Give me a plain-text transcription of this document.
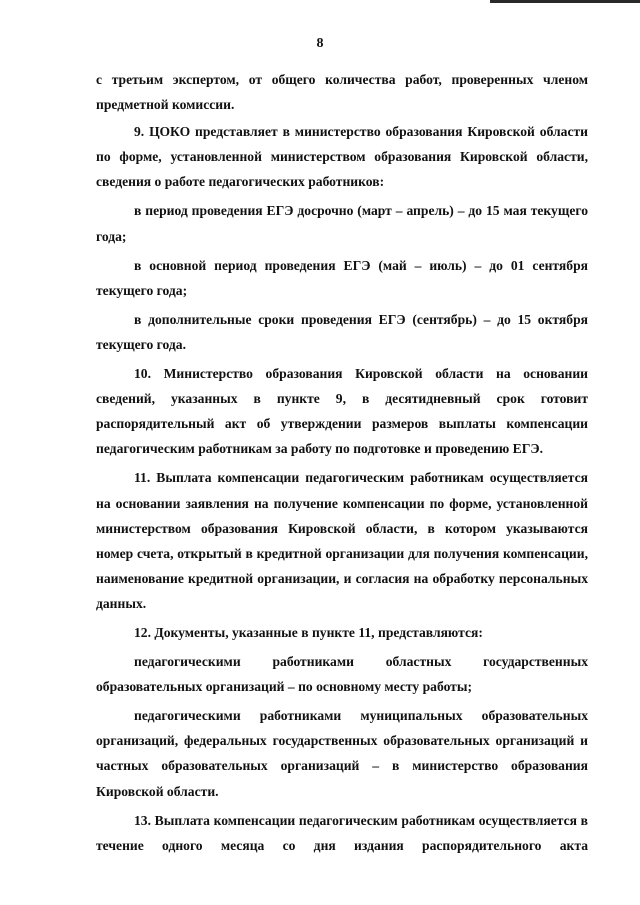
8

с третьим экспертом, от общего количества работ, проверенных членом предметной комиссии.

9. ЦОКО представляет в министерство образования Кировской области по форме, установленной министерством образования Кировской области, сведения о работе педагогических работников:

в период проведения ЕГЭ досрочно (март – апрель) – до 15 мая текущего года;

в основной период проведения ЕГЭ (май – июль) – до 01 сентября текущего года;

в дополнительные сроки проведения ЕГЭ (сентябрь) – до 15 октября текущего года.

10. Министерство образования Кировской области на основании сведений, указанных в пункте 9, в десятидневный срок готовит распорядительный акт об утверждении размеров выплаты компенсации педагогическим работникам за работу по подготовке и проведению ЕГЭ.

11. Выплата компенсации педагогическим работникам осуществляется на основании заявления на получение компенсации по форме, установленной министерством образования Кировской области, в котором указываются номер счета, открытый в кредитной организации для получения компенсации, наименование кредитной организации, и согласия на обработку персональных данных.

12. Документы, указанные в пункте 11, представляются:

педагогическими работниками областных государственных образовательных организаций – по основному месту работы;

педагогическими работниками муниципальных образовательных организаций, федеральных государственных образовательных организаций и частных образовательных организаций – в министерство образования Кировской области.

13. Выплата компенсации педагогическим работникам осуществляется в течение одного месяца со дня издания распорядительного акта
